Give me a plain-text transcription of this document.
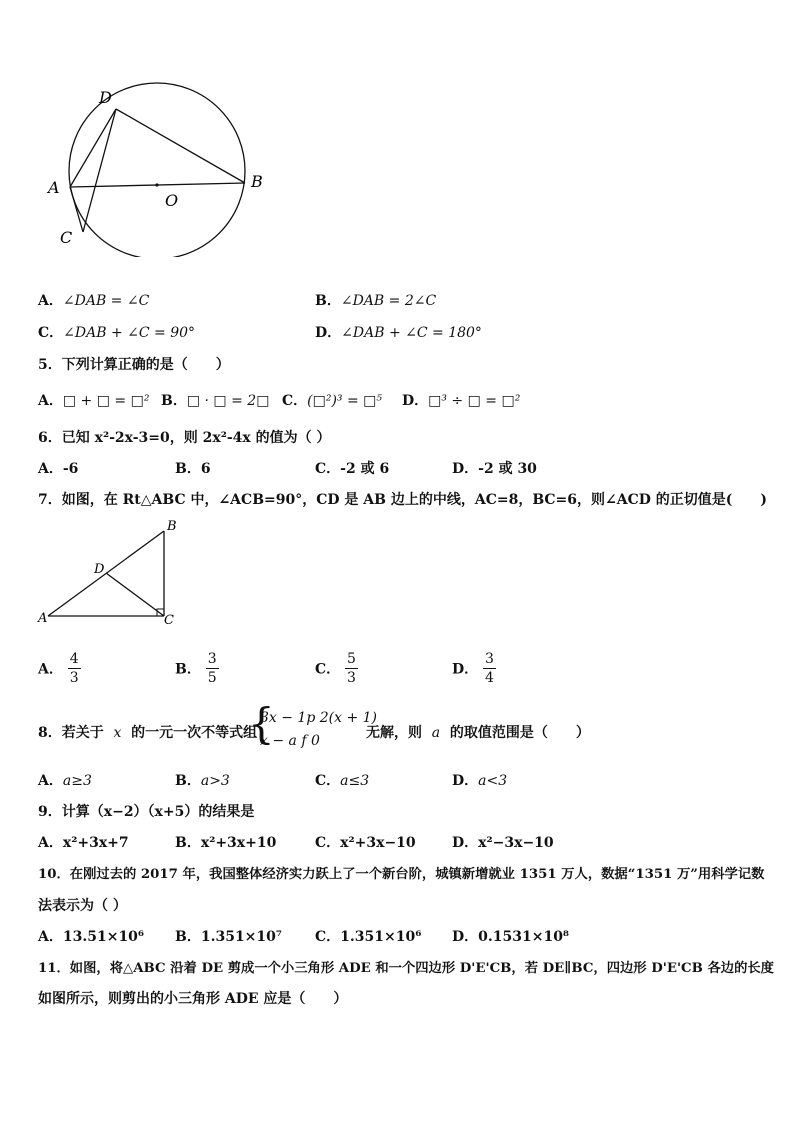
D
A	B
O
C
A．∠DAB = ∠C	B．∠DAB = 2∠C
C．∠DAB + ∠C = 90°	D．∠DAB + ∠C = 180°
5．下列计算正确的是（　　）
A．□ + □ = □² B．□ · □ = 2□ C．(□²)³ = □⁵ D．□³ ÷ □ = □²
6．已知 x²-2x-3=0，则 2x²-4x 的值为（ ）
A．-6	B．6	C．-2 或 6	D．-2 或 30
7．如图，在 Rt△ABC 中，∠ACB=90°，CD 是 AB 边上的中线，AC=8，BC=6，则∠ACD 的正切值是(　　)
A
B
C
D
A． $\frac{4}{3}$	B． $\frac{3}{5}$	C． $\frac{5}{3}$	D． $\frac{3}{4}$
8．若关于 x 的一元一次不等式组
{
3x − 1p 2(x + 1)
x − a f 0	无解，则 a 的取值范围是（　　）
A．a≥3	B．a>3	C．a≤3	D．a<3
9．计算（x−2）（x+5）的结果是
A．x²+3x+7	B．x²+3x+10	C．x²+3x−10	D．x²−3x−10
10．在刚过去的 2017 年，我国整体经济实力跃上了一个新台阶，城镇新增就业 1351 万人，数据“1351 万”用科学记数
法表示为（ ）
A．13.51×10⁶ B．1.351×10⁷ C．1.351×10⁶ D．0.1531×10⁸
11．如图，将△ABC 沿着 DE 剪成一个小三角形 ADE 和一个四边形 D'E'CB，若 DE∥BC，四边形 D'E'CB 各边的长度
如图所示，则剪出的小三角形 ADE 应是（　　）
